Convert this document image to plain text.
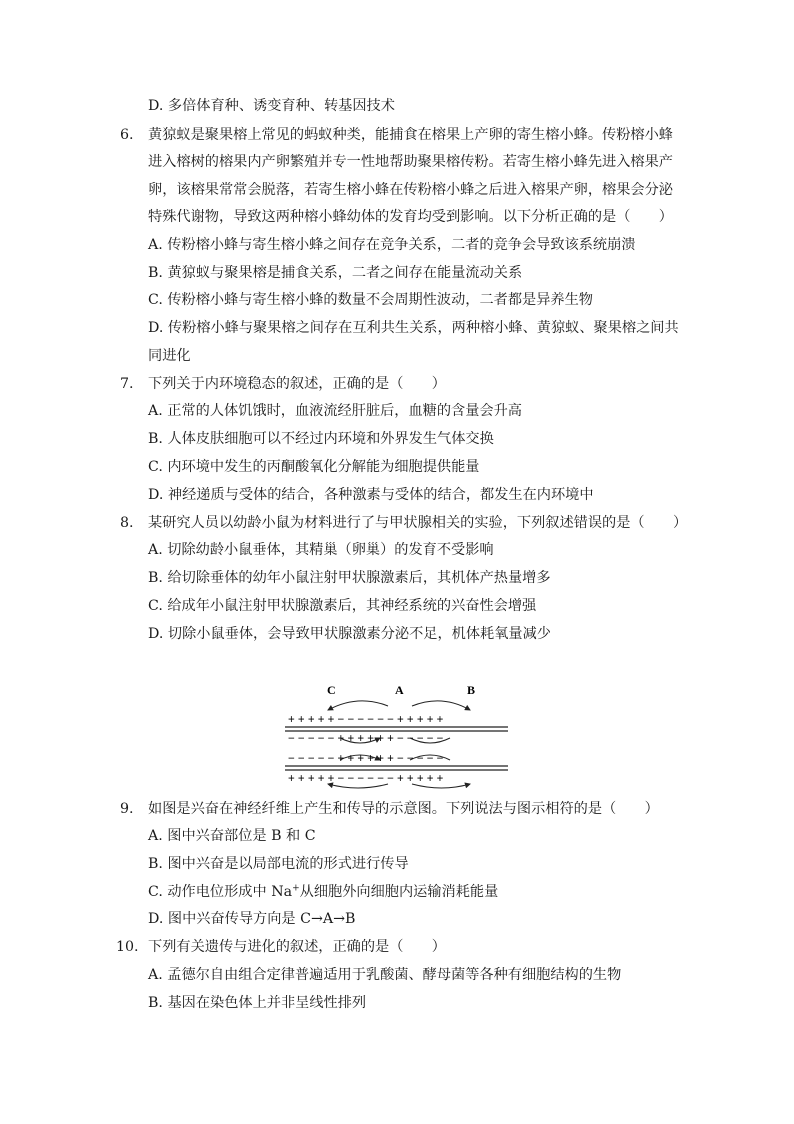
D. 多倍体育种、诱变育种、转基因技术
6. 黄猄蚁是聚果榕上常见的蚂蚁种类，能捕食在榕果上产卵的寄生榕小蜂。传粉榕小蜂
进入榕树的榕果内产卵繁殖并专一性地帮助聚果榕传粉。若寄生榕小蜂先进入榕果产
卵，该榕果常常会脱落，若寄生榕小蜂在传粉榕小蜂之后进入榕果产卵，榕果会分泌
特殊代谢物，导致这两种榕小蜂幼体的发育均受到影响。以下分析正确的是（　　）
A. 传粉榕小蜂与寄生榕小蜂之间存在竞争关系，二者的竞争会导致该系统崩溃
B. 黄猄蚁与聚果榕是捕食关系，二者之间存在能量流动关系
C. 传粉榕小蜂与寄生榕小蜂的数量不会周期性波动，二者都是异养生物
D. 传粉榕小蜂与聚果榕之间存在互利共生关系，两种榕小蜂、黄猄蚁、聚果榕之间共
同进化
7. 下列关于内环境稳态的叙述，正确的是（　　）
A. 正常的人体饥饿时，血液流经肝脏后，血糖的含量会升高
B. 人体皮肤细胞可以不经过内环境和外界发生气体交换
C. 内环境中发生的丙酮酸氧化分解能为细胞提供能量
D. 神经递质与受体的结合，各种激素与受体的结合，都发生在内环境中
8. 某研究人员以幼龄小鼠为材料进行了与甲状腺相关的实验，下列叙述错误的是（　　）
A. 切除幼龄小鼠垂体，其精巢（卵巢）的发育不受影响
B. 给切除垂体的幼年小鼠注射甲状腺激素后，其机体产热量增多
C. 给成年小鼠注射甲状腺激素后，其神经系统的兴奋性会增强
D. 切除小鼠垂体，会导致甲状腺激素分泌不足，机体耗氧量减少
C	A	B
+ + + + + − − − − − − + + + + +
− − − − − + + + + + + − − − − −
− − − − − + + + + + + − − − − −
+ + + + + − − − − − − + + + + +
9. 如图是兴奋在神经纤维上产生和传导的示意图。下列说法与图示相符的是（　　）
A. 图中兴奋部位是 B 和 C
B. 图中兴奋是以局部电流的形式进行传导
C. 动作电位形成中 Na+从细胞外向细胞内运输消耗能量
D. 图中兴奋传导方向是 C→A→B
10. 下列有关遗传与进化的叙述，正确的是（　　）
A. 孟德尔自由组合定律普遍适用于乳酸菌、酵母菌等各种有细胞结构的生物
B. 基因在染色体上并非呈线性排列
